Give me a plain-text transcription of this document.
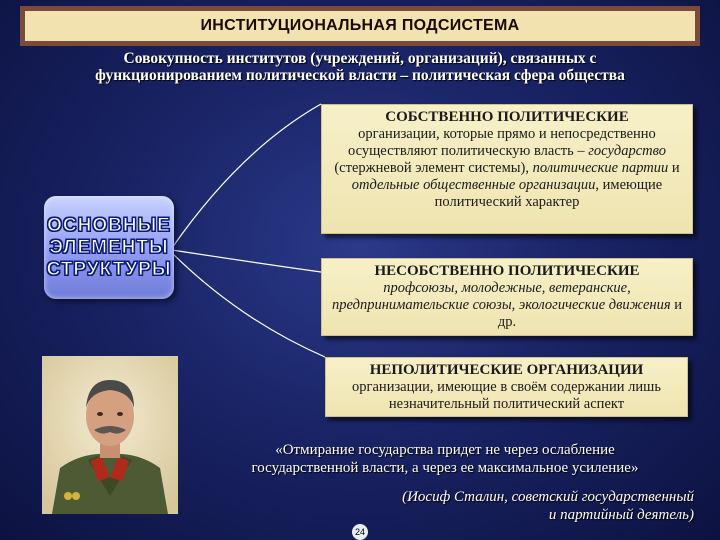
ИНСТИТУЦИОНАЛЬНАЯ ПОДСИСТЕМА
Совокупность институтов (учреждений, организаций), связанных с
функционированием политической власти – политическая сфера общества
СОБСТВЕННО ПОЛИТИЧЕСКИЕ
организации, которые прямо и непосредственно осуществляют политическую власть – государство (стержневой элемент системы), политические партии и отдельные общественные организации, имеющие политический характер
НЕСОБСТВЕННО ПОЛИТИЧЕСКИЕ
профсоюзы, молодежные, ветеранские, предпринимательские союзы, экологические движения и др.
НЕПОЛИТИЧЕСКИЕ ОРГАНИЗАЦИИ
организации, имеющие в своём содержании лишь незначительный политический аспект
ОСНОВНЫЕ
ЭЛЕМЕНТЫ
СТРУКТУРЫ
«Отмирание государства придет не через ослабление
государственной власти, а через ее максимальное усиление»
(Иосиф Сталин, советский государственный
и партийный деятель)
24
